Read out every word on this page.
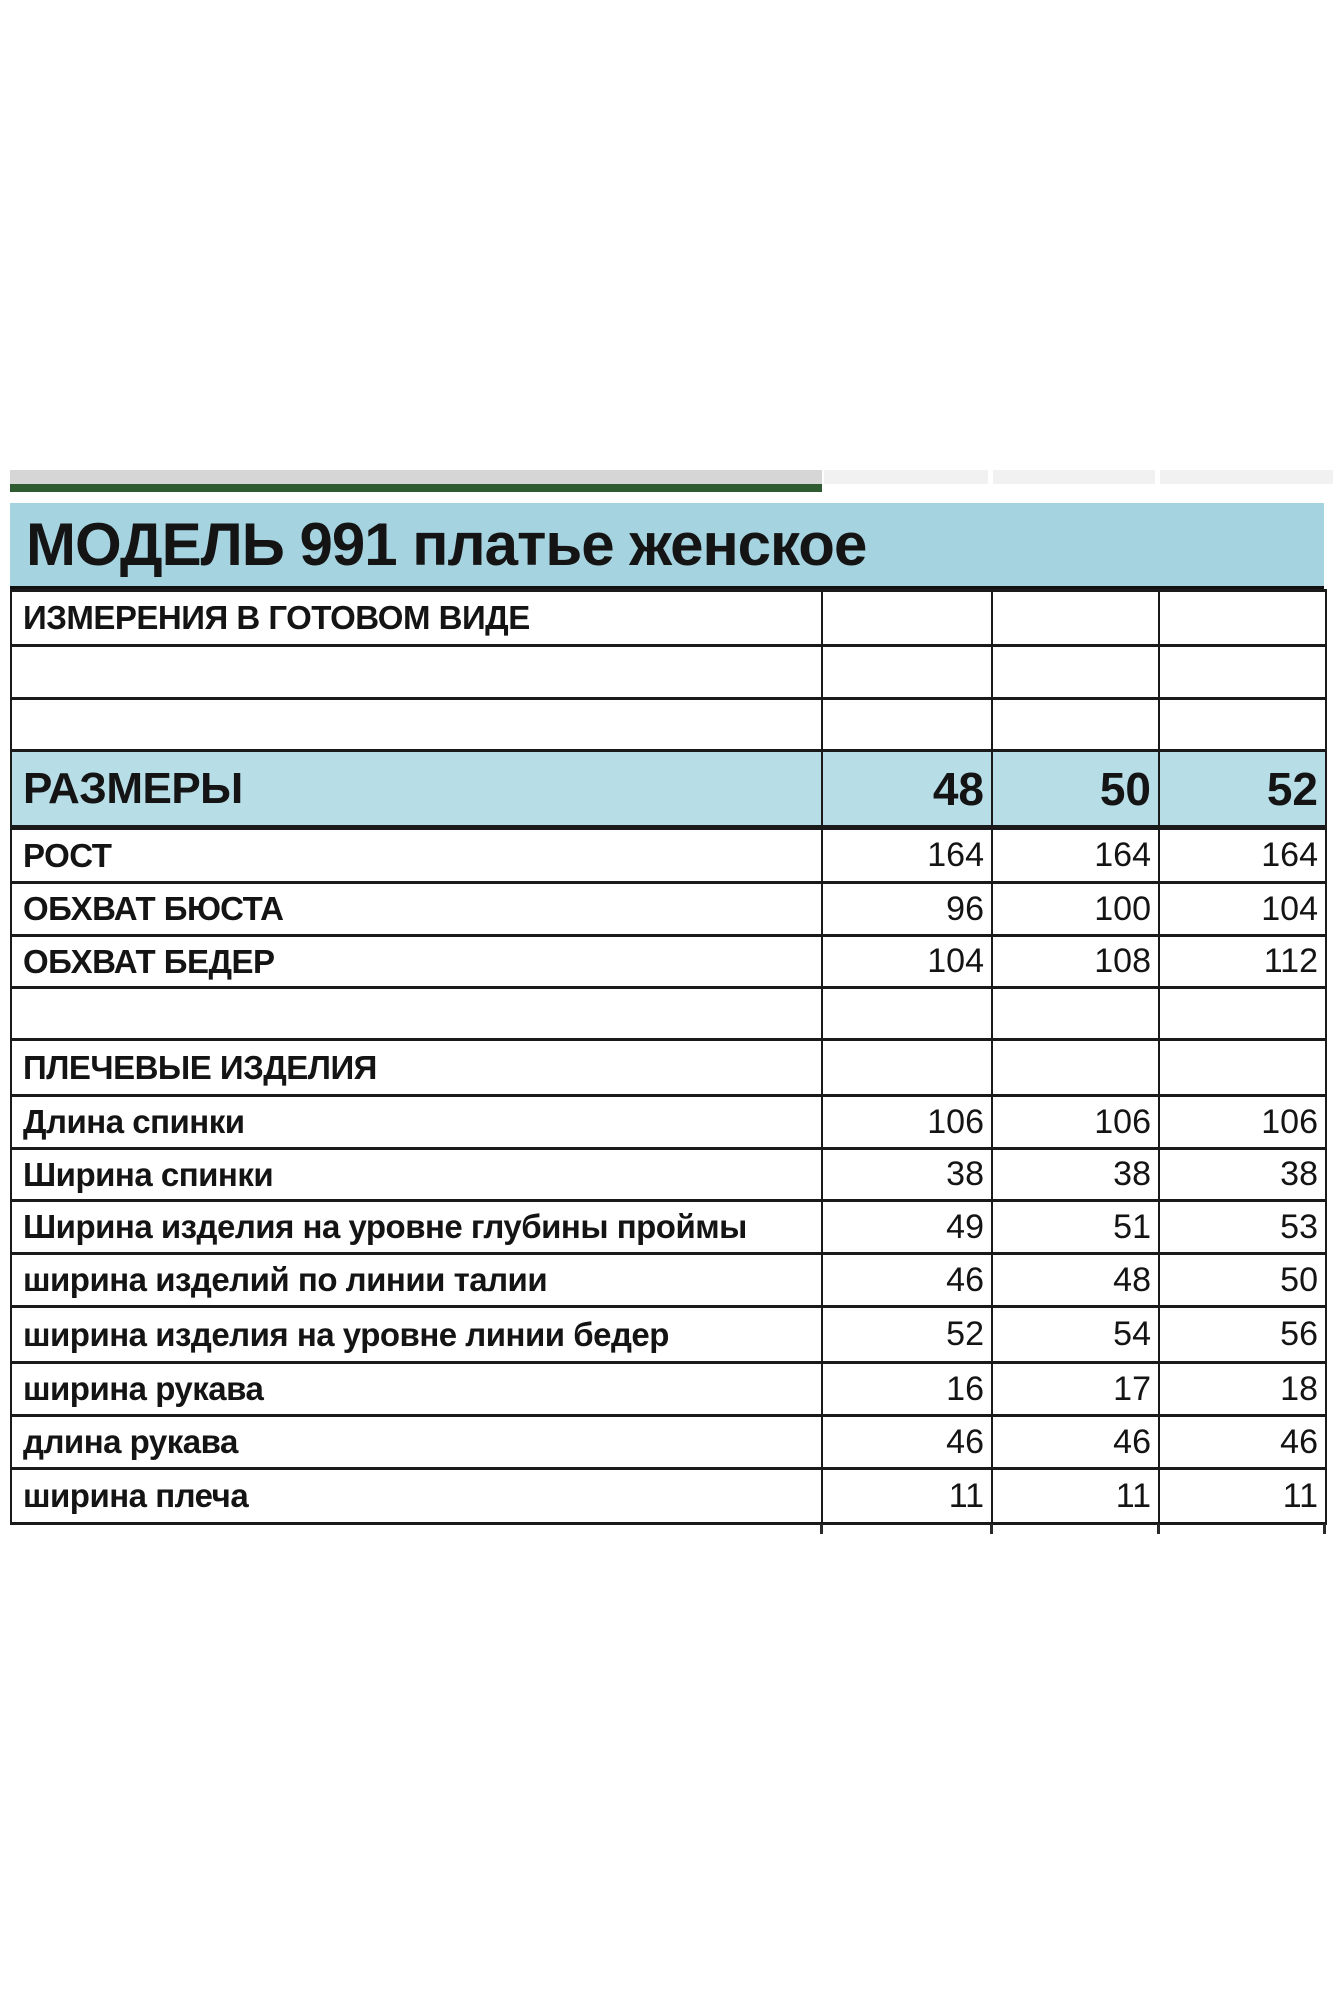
МОДЕЛЬ 991 платье женское
ИЗМЕРЕНИЯ В ГОТОВОМ ВИДЕ			

РАЗМЕРЫ	48	50	52
РОСТ	164	164	164
ОБХВАТ БЮСТА	96	100	104
ОБХВАТ БЕДЕР	104	108	112

ПЛЕЧЕВЫЕ ИЗДЕЛИЯ			
Длина спинки	106	106	106
Ширина спинки	38	38	38
Ширина изделия на уровне глубины проймы	49	51	53
ширина изделий по линии талии	46	48	50
ширина изделия на уровне линии бедер	52	54	56
ширина рукава	16	17	18
длина рукава	46	46	46
ширина плеча	11	11	11
